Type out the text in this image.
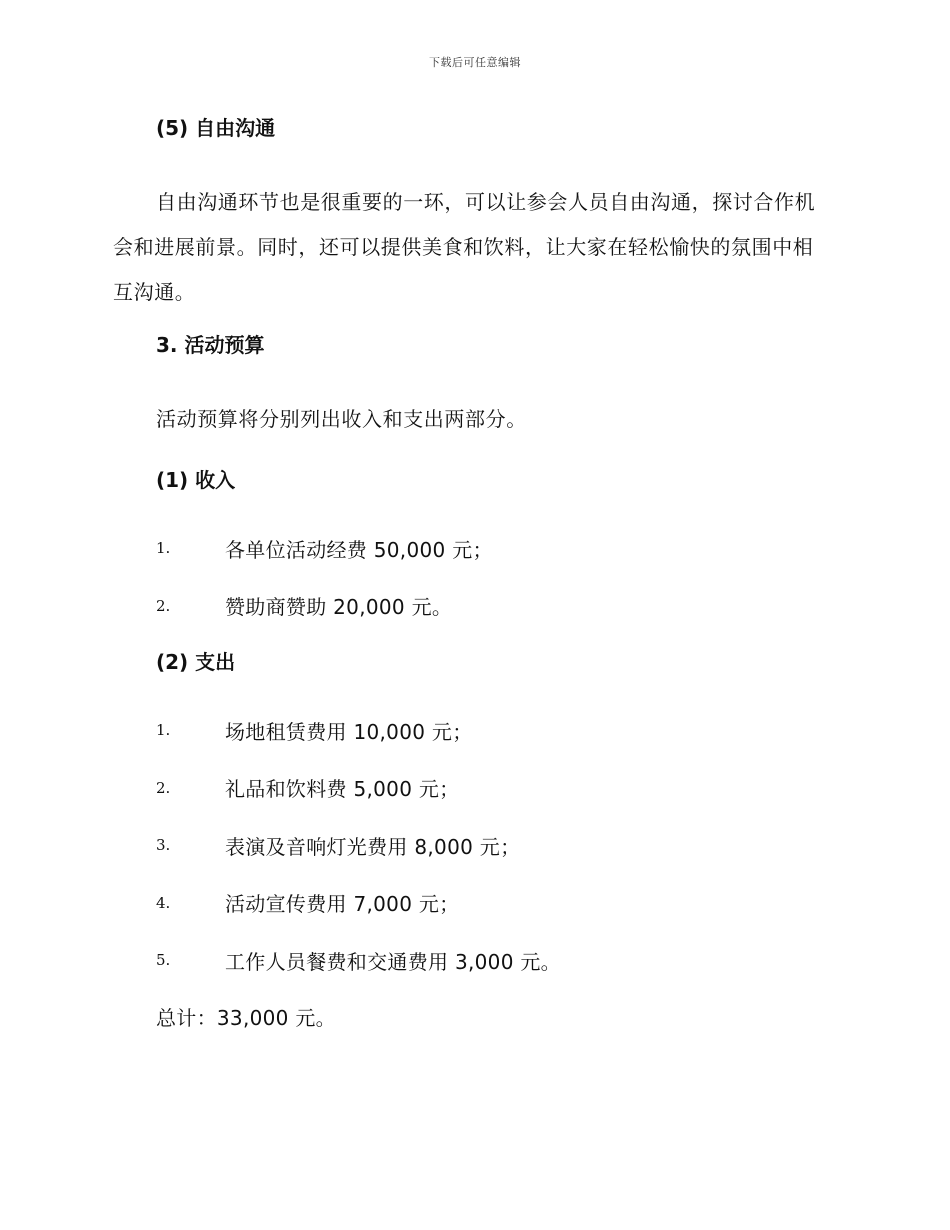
下载后可任意编辑
(5) 自由沟通

自由沟通环节也是很重要的一环，可以让参会人员自由沟通，探讨合作机会和进展前景。同时，还可以提供美食和饮料，让大家在轻松愉快的氛围中相互沟通。

3. 活动预算

活动预算将分别列出收入和支出两部分。

(1) 收入
1.	各单位活动经费 50,000 元；
2.	赞助商赞助 20,000 元。
(2) 支出
1.	场地租赁费用 10,000 元；
2.	礼品和饮料费 5,000 元；
3.	表演及音响灯光费用 8,000 元；
4.	活动宣传费用 7,000 元；
5.	工作人员餐费和交通费用 3,000 元。

总计：33,000 元。
